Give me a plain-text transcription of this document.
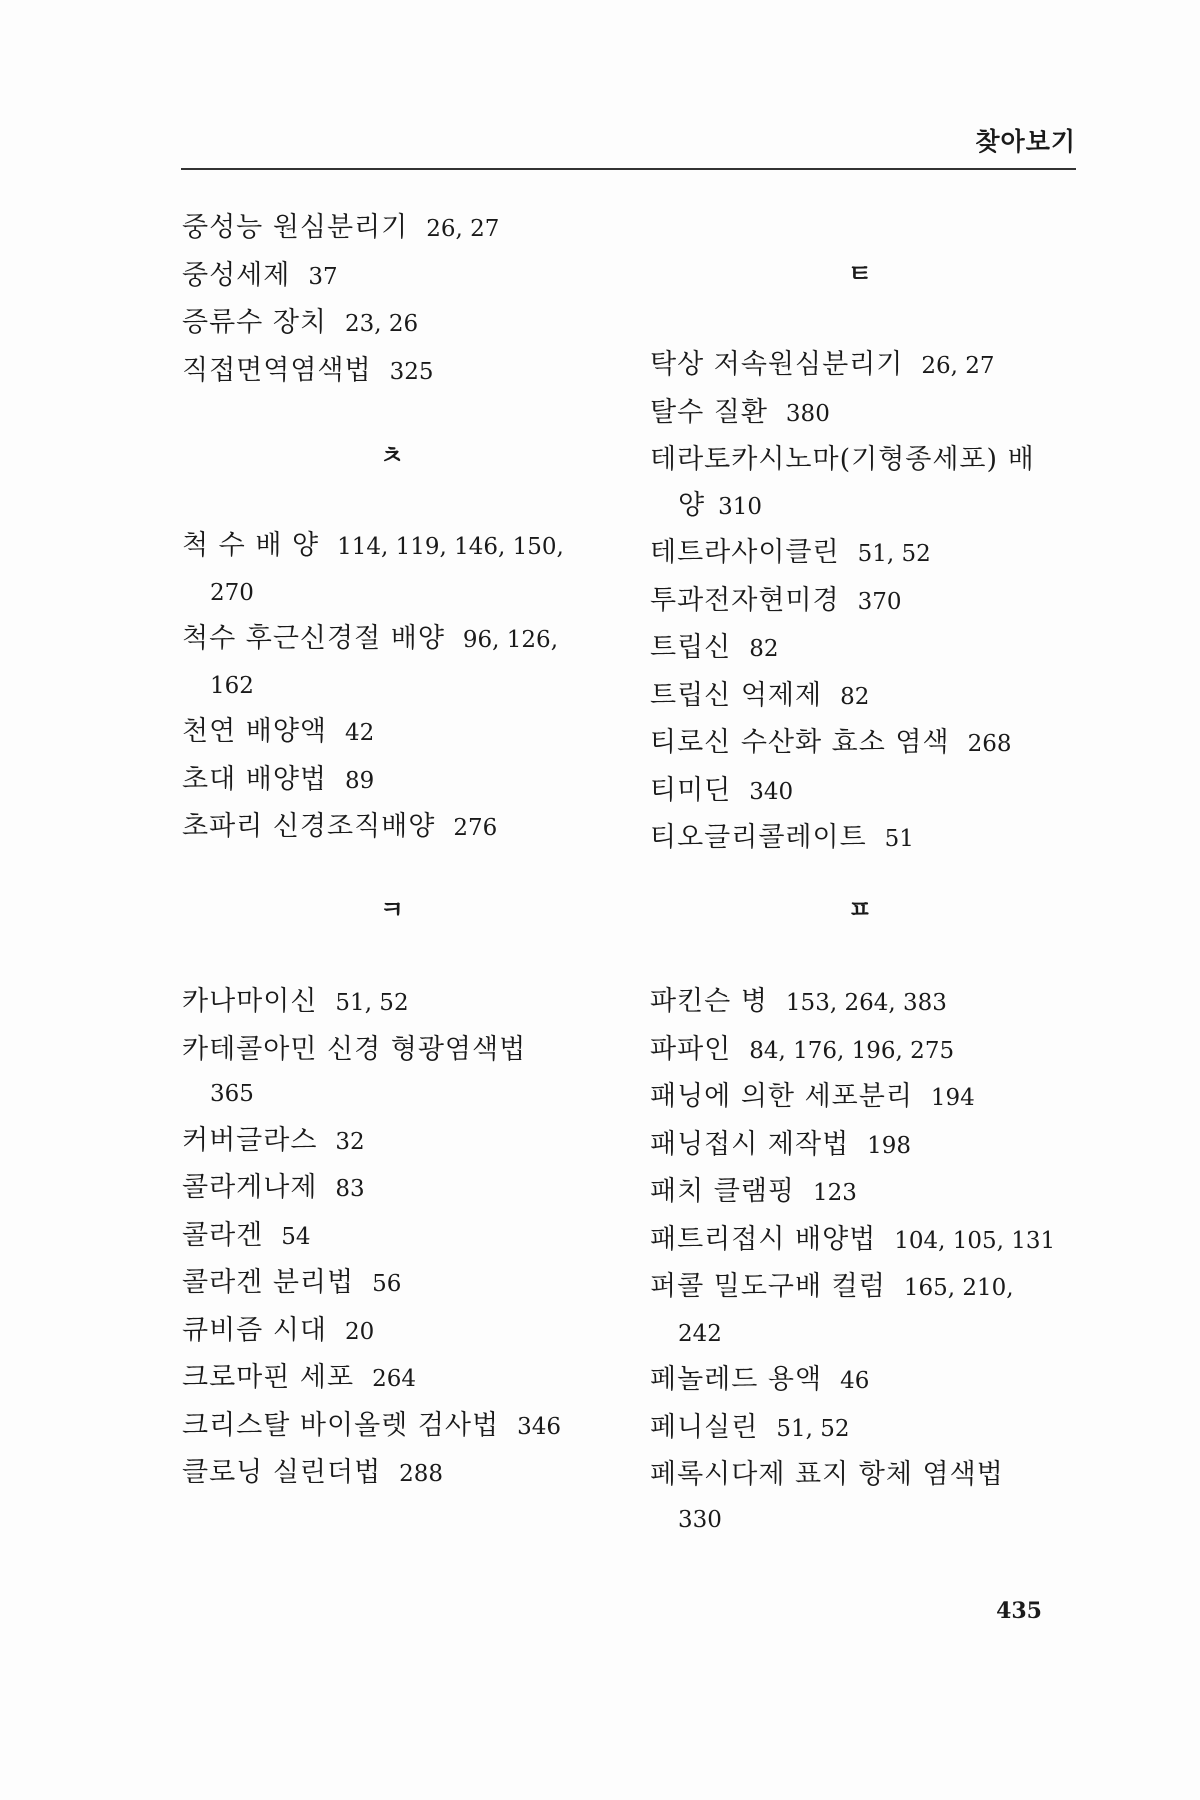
찾아보기

중성능 원심분리기 26, 27

중성세제 37

증류수 장치 23, 26

직접면역염색법 325

ㅊ

척 수 배 양 114, 119, 146, 150,

270

척수 후근신경절 배양 96, 126,

162

천연 배양액 42

초대 배양법 89

초파리 신경조직배양 276

ㅋ

카나마이신 51, 52

카테콜아민 신경 형광염색법

365

커버글라스 32

콜라게나제 83

콜라겐 54

콜라겐 분리법 56

큐비즘 시대 20

크로마핀 세포 264

크리스탈 바이올렛 검사법 346

클로닝 실린더법 288

ㅌ

탁상 저속원심분리기 26, 27

탈수 질환 380

테라토카시노마(기형종세포) 배

양 310

테트라사이클린 51, 52

투과전자현미경 370

트립신 82

트립신 억제제 82

티로신 수산화 효소 염색 268

티미딘 340

티오글리콜레이트 51

ㅍ

파킨슨 병 153, 264, 383

파파인 84, 176, 196, 275

패닝에 의한 세포분리 194

패닝접시 제작법 198

패치 클램핑 123

패트리접시 배양법 104, 105, 131

퍼콜 밀도구배 컬럼 165, 210,

242

페놀레드 용액 46

페니실린 51, 52

페록시다제 표지 항체 염색법

330

435
